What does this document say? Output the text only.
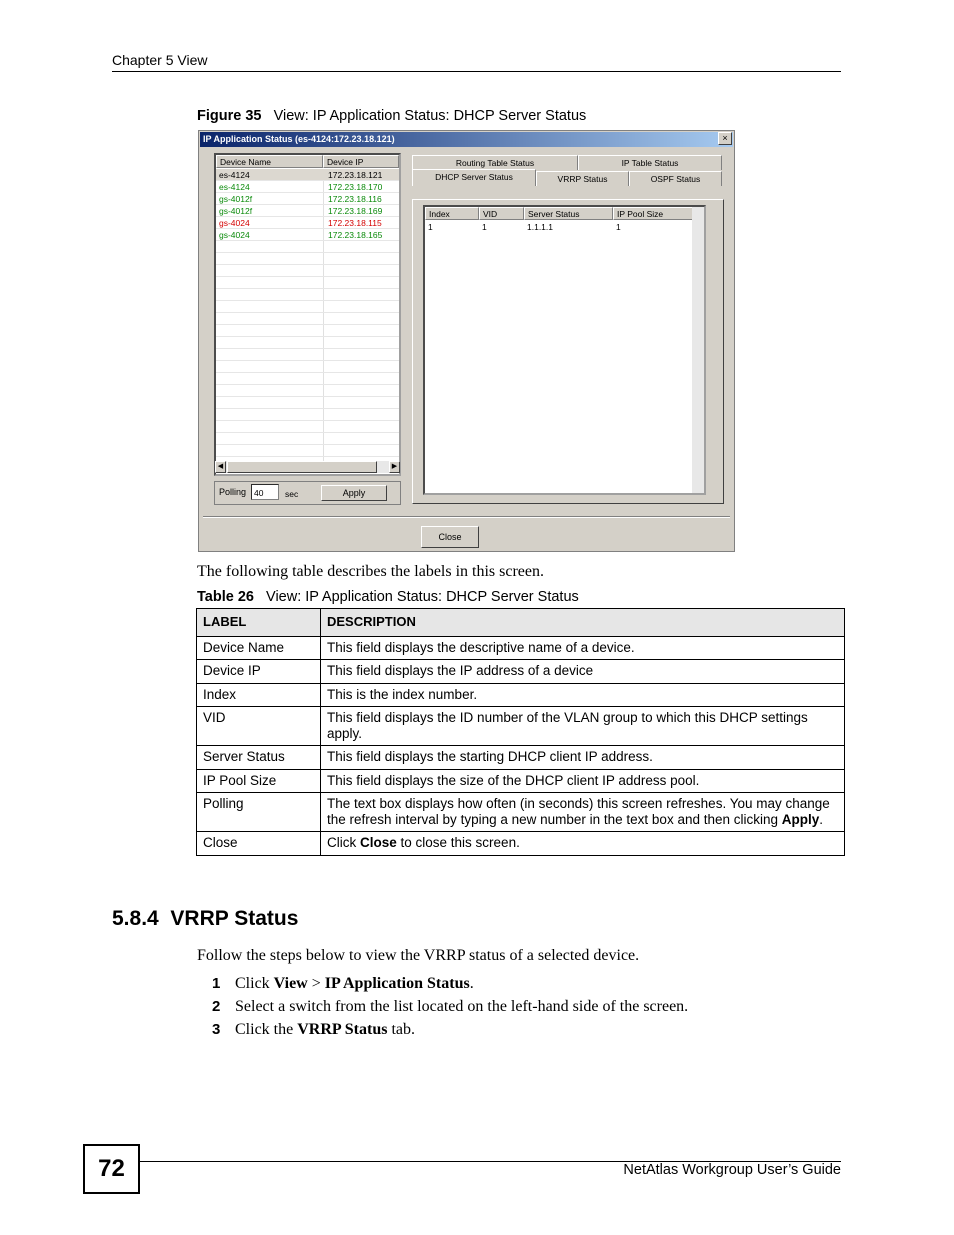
Chapter 5 View
Figure 35 View: IP Application Status: DHCP Server Status
IP Application Status (es-4124:172.23.18.121)	×
Device Name	Device IP
es-4124	172.23.18.121
es-4124	172.23.18.170
gs-4012f	172.23.18.116
gs-4012f	172.23.18.169
gs-4024	172.23.18.115
gs-4024	172.23.18.165
◀	▶
Polling 40	sec	Apply
Routing Table Status	IP Table Status
DHCP Server Status	VRRP Status	OSPF Status
Index	VID	Server Status	IP Pool Size
1	1	1.1.1.1	1
Close
The following table describes the labels in this screen.
Table 26 View: IP Application Status: DHCP Server Status
LABEL	DESCRIPTION
Device Name	This field displays the descriptive name of a device.
Device IP	This field displays the IP address of a device
Index	This is the index number.
VID	This field displays the ID number of the VLAN group to which this DHCP settings apply.
Server Status	This field displays the starting DHCP client IP address.
IP Pool Size	This field displays the size of the DHCP client IP address pool.
Polling	The text box displays how often (in seconds) this screen refreshes. You may change the refresh interval by typing a new number in the text box and then clicking Apply.
Close	Click Close to close this screen.
5.8.4 VRRP Status
Follow the steps below to view the VRRP status of a selected device.
1 Click View > IP Application Status.
2 Select a switch from the list located on the left-hand side of the screen.
3 Click the VRRP Status tab.
72	NetAtlas Workgroup User’s Guide
